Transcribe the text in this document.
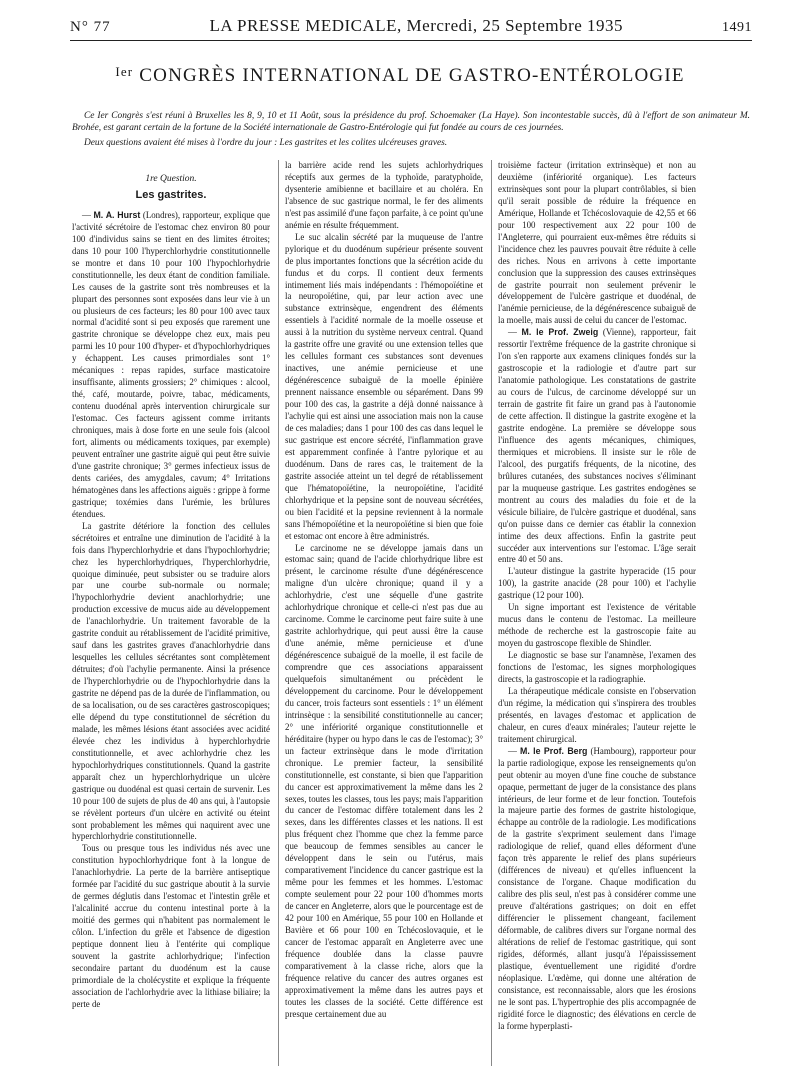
N° 77	LA PRESSE MEDICALE, Mercredi, 25 Septembre 1935	1491
$^{Ier}$ CONGRÈS INTERNATIONAL DE GASTRO-ENTÉROLOGIE

Ce Ier Congrès s'est réuni à Bruxelles les 8, 9, 10 et 11 Août, sous la présidence du prof. Schoemaker (La Haye). Son incontestable succès, dû à l'effort de son animateur M. Brohée, est garant certain de la fortune de la Société internationale de Gastro-Entérologie qui fut fondée au cours de ces journées.

Deux questions avaient été mises à l'ordre du jour : Les gastrites et les colites ulcéreuses graves.

1re Question.
Les gastrites.

— M. A. Hurst (Londres), rapporteur, explique que l'activité sécrétoire de l'estomac chez environ 80 pour 100 d'individus sains se tient en des limites étroites; dans 10 pour 100 l'hyperchlorhydrie constitutionnelle se montre et dans 10 pour 100 l'hypochlorhydrie constitutionnelle, les deux étant de condition familiale. Les causes de la gastrite sont très nombreuses et la plupart des personnes sont exposées dans leur vie à un ou plusieurs de ces facteurs; les 80 pour 100 avec taux normal d'acidité sont si peu exposés que rarement une gastrite chronique se développe chez eux, mais peu parmi les 10 pour 100 d'hyper- et d'hypochlorhydriques y échappent. Les causes primordiales sont 1° mécaniques : repas rapides, surface masticatoire insuffisante, aliments grossiers; 2° chimiques : alcool, thé, café, moutarde, poivre, tabac, médicaments, contenu duodénal après intervention chirurgicale sur l'estomac. Ces facteurs agissent comme irritants chroniques, mais à dose forte en une seule fois (alcool fort, aliments ou médicaments toxiques, par exemple) peuvent entraîner une gastrite aiguë qui peut être suivie d'une gastrite chronique; 3° germes infectieux issus de dents cariées, des amygdales, cavum; 4° Irritations hématogènes dans les affections aiguës : grippe à forme gastrique; toxémies dans l'urémie, les brûlures étendues.

La gastrite détériore la fonction des cellules sécrétoires et entraîne une diminution de l'acidité à la fois dans l'hyperchlorhydrie et dans l'hypochlorhydrie; chez les hyperchlorhydriques, l'hyperchlorhydrie, quoique diminuée, peut subsister ou se traduire alors par une courbe sub-normale ou normale; l'hypochlorhydrie devient anachlorhydrie; une production excessive de mucus aide au développement de l'anachlorhydrie. Un traitement favorable de la gastrite conduit au rétablissement de l'acidité primitive, sauf dans les gastrites graves d'anachlorhydrie dans lesquelles les cellules sécrétantes sont complètement détruites; d'où l'achylie permanente. Ainsi la présence de l'hyperchlorhydrie ou de l'hypochlorhydrie dans la gastrite ne dépend pas de la durée de l'inflammation, ou de sa localisation, ou de ses caractères gastroscopiques; elle dépend du type constitutionnel de sécrétion du malade, les mêmes lésions étant associées avec acidité élevée chez les individus à hyperchlorhydrie constitutionnelle, et avec achlorhydrie chez les hypochlorhydriques constitutionnels. Quand la gastrite apparaît chez un hyperchlorhydrique un ulcère gastrique ou duodénal est quasi certain de survenir. Les 10 pour 100 de sujets de plus de 40 ans qui, à l'autopsie se révèlent porteurs d'un ulcère en activité ou éteint sont probablement les mêmes qui naquirent avec une hyperchlorhydrie constitutionnelle.

Tous ou presque tous les individus nés avec une constitution hypochlorhydrique font à la longue de l'anachlorhydrie. La perte de la barrière antiseptique formée par l'acidité du suc gastrique aboutit à la survie de germes déglutis dans l'estomac et l'intestin grêle et l'alcalinité accrue du contenu intestinal porte à la moitié des germes qui n'habitent pas normalement le côlon. L'infection du grêle et l'absence de digestion peptique donnent lieu à l'entérite qui complique souvent la gastrite achlorhydrique; l'infection secondaire partant du duodénum est la cause primordiale de la cholécystite et explique la fréquente association de l'achlorhydrie avec la lithiase biliaire; la perte de

la barrière acide rend les sujets achlorhydriques réceptifs aux germes de la typhoïde, paratyphoïde, dysenterie amibienne et bacillaire et au choléra. En l'absence de suc gastrique normal, le fer des aliments n'est pas assimilé d'une façon parfaite, à ce point qu'une anémie en résulte fréquemment.

Le suc alcalin sécrété par la muqueuse de l'antre pylorique et du duodénum supérieur présente souvent de plus importantes fonctions que la sécrétion acide du fundus et du corps. Il contient deux ferments intimement liés mais indépendants : l'hémopoïétine et la neuropoïétine, qui, par leur action avec une substance extrinsèque, engendrent des éléments essentiels à l'acidité normale de la moelle osseuse et aussi à la nutrition du système nerveux central. Quand la gastrite offre une gravité ou une extension telles que les cellules formant ces substances sont devenues inactives, une anémie pernicieuse et une dégénérescence subaiguë de la moelle épinière prennent naissance ensemble ou séparément. Dans 99 pour 100 des cas, la gastrite a déjà donné naissance à l'achylie qui est ainsi une association mais non la cause de ces maladies; dans 1 pour 100 des cas dans lequel le suc gastrique est encore sécrété, l'inflammation grave est apparemment confinée à l'antre pylorique et au duodénum. Dans de rares cas, le traitement de la gastrite associée atteint un tel degré de rétablissement que l'hématopoïétine, la neuropoïétine, l'acidité chlorhydrique et la pepsine sont de nouveau sécrétées, ou bien l'acidité et la pepsine reviennent à la normale sans l'hémopoïétine et la neuropoïétine si bien que foie et estomac ont encore à être administrés.

Le carcinome ne se développe jamais dans un estomac sain; quand de l'acide chlorhydrique libre est présent, le carcinome résulte d'une dégénérescence maligne d'un ulcère chronique; quand il y a achlorhydrie, c'est une séquelle d'une gastrite achlorhydrique chronique et celle-ci n'est pas due au carcinome. Comme le carcinome peut faire suite à une gastrite achlorhydrique, qui peut aussi être la cause d'une anémie, même pernicieuse et d'une dégénérescence subaiguë de la moelle, il est facile de comprendre que ces associations apparaissent quelquefois simultanément ou précèdent le développement du carcinome. Pour le développement du cancer, trois facteurs sont essentiels : 1° un élément intrinsèque : la sensibilité constitutionnelle au cancer; 2° une infériorité organique constitutionnelle et héréditaire (hyper ou hypo dans le cas de l'estomac); 3° un facteur extrinsèque dans le mode d'irritation chronique. Le premier facteur, la sensibilité constitutionnelle, est constante, si bien que l'apparition du cancer est approximativement la même dans les 2 sexes, toutes les classes, tous les pays; mais l'apparition du cancer de l'estomac diffère totalement dans les 2 sexes, dans les différentes classes et les nations. Il est plus fréquent chez l'homme que chez la femme parce que beaucoup de femmes sensibles au cancer le développent dans le sein ou l'utérus, mais comparativement l'incidence du cancer gastrique est la même pour les femmes et les hommes. L'estomac compte seulement pour 22 pour 100 d'hommes morts de cancer en Angleterre, alors que le pourcentage est de 42 pour 100 en Amérique, 55 pour 100 en Hollande et Bavière et 66 pour 100 en Tchécoslovaquie, et le cancer de l'estomac apparaît en Angleterre avec une fréquence doublée dans la classe pauvre comparativement à la classe riche, alors que la fréquence relative du cancer des autres organes est approximativement la même dans les autres pays et toutes les classes de la société. Cette différence est presque certainement due au

troisième facteur (irritation extrinsèque) et non au deuxième (infériorité organique). Les facteurs extrinsèques sont pour la plupart contrôlables, si bien qu'il serait possible de réduire la fréquence en Amérique, Hollande et Tchécoslovaquie de 42,55 et 66 pour 100 respectivement aux 22 pour 100 de l'Angleterre, qui pourraient eux-mêmes être réduits si l'incidence chez les pauvres pouvait être réduite à celle des riches. Nous en arrivons à cette importante conclusion que la suppression des causes extrinsèques de gastrite pourrait non seulement prévenir le développement de l'ulcère gastrique et duodénal, de l'anémie pernicieuse, de la dégénérescence subaiguë de la moelle, mais aussi de celui du cancer de l'estomac.

— M. le Prof. Zweig (Vienne), rapporteur, fait ressortir l'extrême fréquence de la gastrite chronique si l'on s'en rapporte aux examens cliniques fondés sur la gastroscopie et la radiologie et d'autre part sur l'anatomie pathologique. Les constatations de gastrite au cours de l'ulcus, de carcinome développé sur un terrain de gastrite fit faire un grand pas à l'autonomie de cette affection. Il distingue la gastrite exogène et la gastrite endogène. La première se développe sous l'influence des agents mécaniques, chimiques, thermiques et microbiens. Il insiste sur le rôle de l'alcool, des purgatifs fréquents, de la nicotine, des brûlures cutanées, des substances nocives s'éliminant par la muqueuse gastrique. Les gastrites endogènes se montrent au cours des maladies du foie et de la vésicule biliaire, de l'ulcère gastrique et duodénal, sans qu'on puisse dans ce dernier cas établir la connexion intime des deux affections. Enfin la gastrite peut succéder aux interventions sur l'estomac. L'âge serait entre 40 et 50 ans.

L'auteur distingue la gastrite hyperacide (15 pour 100), la gastrite anacide (28 pour 100) et l'achylie gastrique (12 pour 100).

Un signe important est l'existence de véritable mucus dans le contenu de l'estomac. La meilleure méthode de recherche est la gastroscopie faite au moyen du gastroscope flexible de Shindler.

Le diagnostic se base sur l'anamnèse, l'examen des fonctions de l'estomac, les signes morphologiques directs, la gastroscopie et la radiographie.

La thérapeutique médicale consiste en l'observation d'un régime, la médication qui s'inspirera des troubles présentés, en lavages d'estomac et application de chaleur, en cures d'eaux minérales; l'auteur rejette le traitement chirurgical.

— M. le Prof. Berg (Hambourg), rapporteur pour la partie radiologique, expose les renseignements qu'on peut obtenir au moyen d'une fine couche de substance opaque, permettant de juger de la consistance des plans intérieurs, de leur forme et de leur fonction. Toutefois la majeure partie des formes de gastrite histologique, échappe au contrôle de la radiologie. Les modifications de la gastrite s'expriment seulement dans l'image radiologique de relief, quand elles déforment d'une façon très apparente le relief des plans supérieurs (différences de niveau) et qu'elles influencent la consistance de l'organe. Chaque modification du calibre des plis seul, n'est pas à considérer comme une preuve d'altérations gastriques; on doit en effet différencier le plissement changeant, facilement déformable, de calibres divers sur l'organe normal des altérations de relief de l'estomac gastritique, qui sont rigides, déformés, allant jusqu'à l'épaississement plastique, éventuellement une rigidité d'ordre néoplasique. L'œdème, qui donne une altération de consistance, est reconnaissable, alors que les érosions ne le sont pas. L'hypertrophie des plis accompagnée de rigidité force le diagnostic; des élévations en cercle de la forme hyperplasti-
